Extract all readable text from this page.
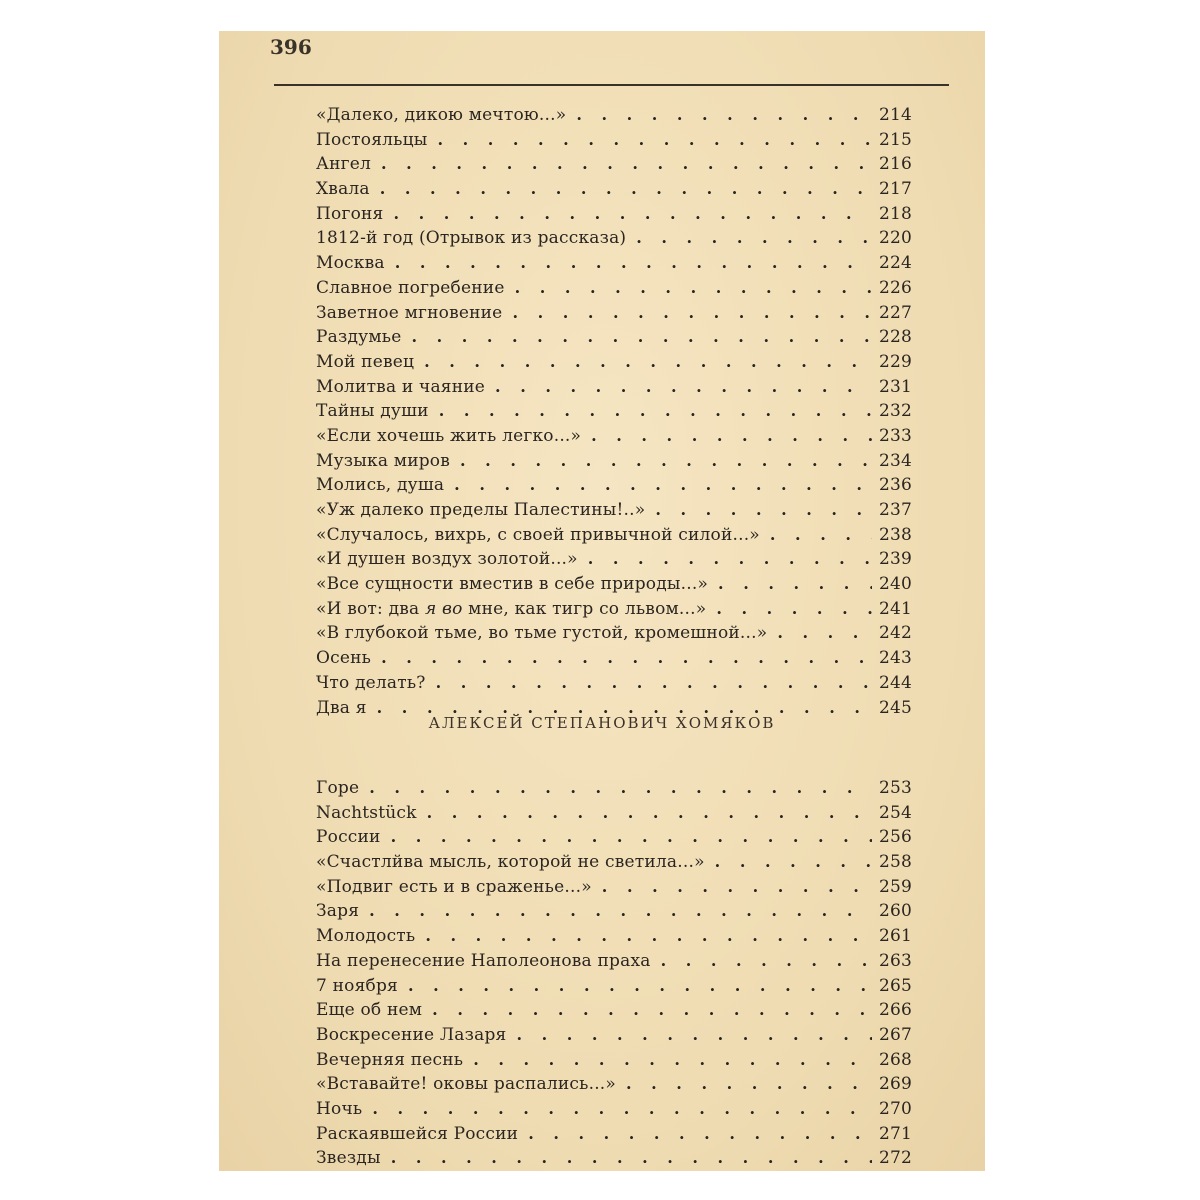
396
«Далеко, дикою мечтою...» . . .	214
Постояльцы . . .	215
Ангел . . .	216
Хвала . . .	217
Погоня . . .	218
1812-й год (Отрывок из рассказа) . . .	220
Москва . . .	224
Славное погребение . . .	226
Заветное мгновение . . .	227
Раздумье . . .	228
Мой певец . . .	229
Молитва и чаяние . . .	231
Тайны души . . .	232
«Если хочешь жить легко...» . . .	233
Музыка миров . . .	234
Молись, душа . . .	236
«Уж далеко пределы Палестины!..» . . .	237
«Случалось, вихрь, с своей привычной силой...» . . .	238
«И душен воздух золотой...» . . .	239
«Все сущности вместив в себе природы...» . . .	240
«И вот: два я во мне, как тигр со львом...» . . .	241
«В глубокой тьме, во тьме густой, кромешной...» . . .	242
Осень . . .	243
Что делать? . . .	244
Два я . . .	245
АЛЕКСЕЙ СТЕПАНОВИЧ ХОМЯКОВ
Горе . . .	253
Nachtstück . . .	254
России . . .	256
«Счастлйва мысль, которой не светила...» . . .	258
«Подвиг есть и в сраженье...» . . .	259
Заря . . .	260
Молодость . . .	261
На перенесение Наполеонова праха . . .	263
7 ноября . . .	265
Еще об нем . . .	266
Воскресение Лазаря . . .	267
Вечерняя песнь . . .	268
«Вставайте! оковы распались...» . . .	269
Ночь . . .	270
Раскаявшейся России . . .	271
Звезды . . .	272
